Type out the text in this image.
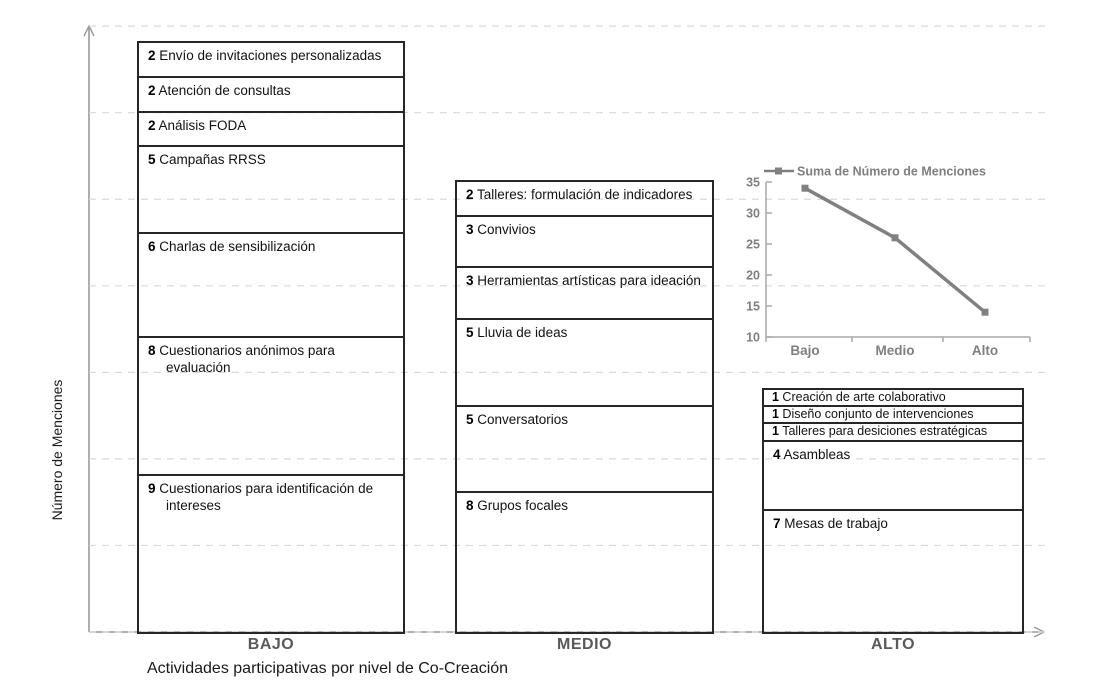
Número de Menciones
2 Envío de invitaciones personalizadas
2 Atención de consultas
2 Análisis FODA
5 Campañas RRSS
6 Charlas de sensibilización
8 Cuestionarios anónimos para evaluación
9 Cuestionarios para identificación de intereses
2 Talleres: formulación de indicadores
3 Convivios
3 Herramientas artísticas para ideación
5 Lluvia de ideas
5 Conversatorios
8 Grupos focales
1 Creación de arte colaborativo
1 Diseño conjunto de intervenciones
1 Talleres para desiciones estratégicas
4 Asambleas
7 Mesas de trabajo
BAJO	MEDIO	ALTO
Actividades participativas por nivel de Co-Creación
35
30
25
20
15
10
Bajo	Medio	Alto
Suma de Número de Menciones
